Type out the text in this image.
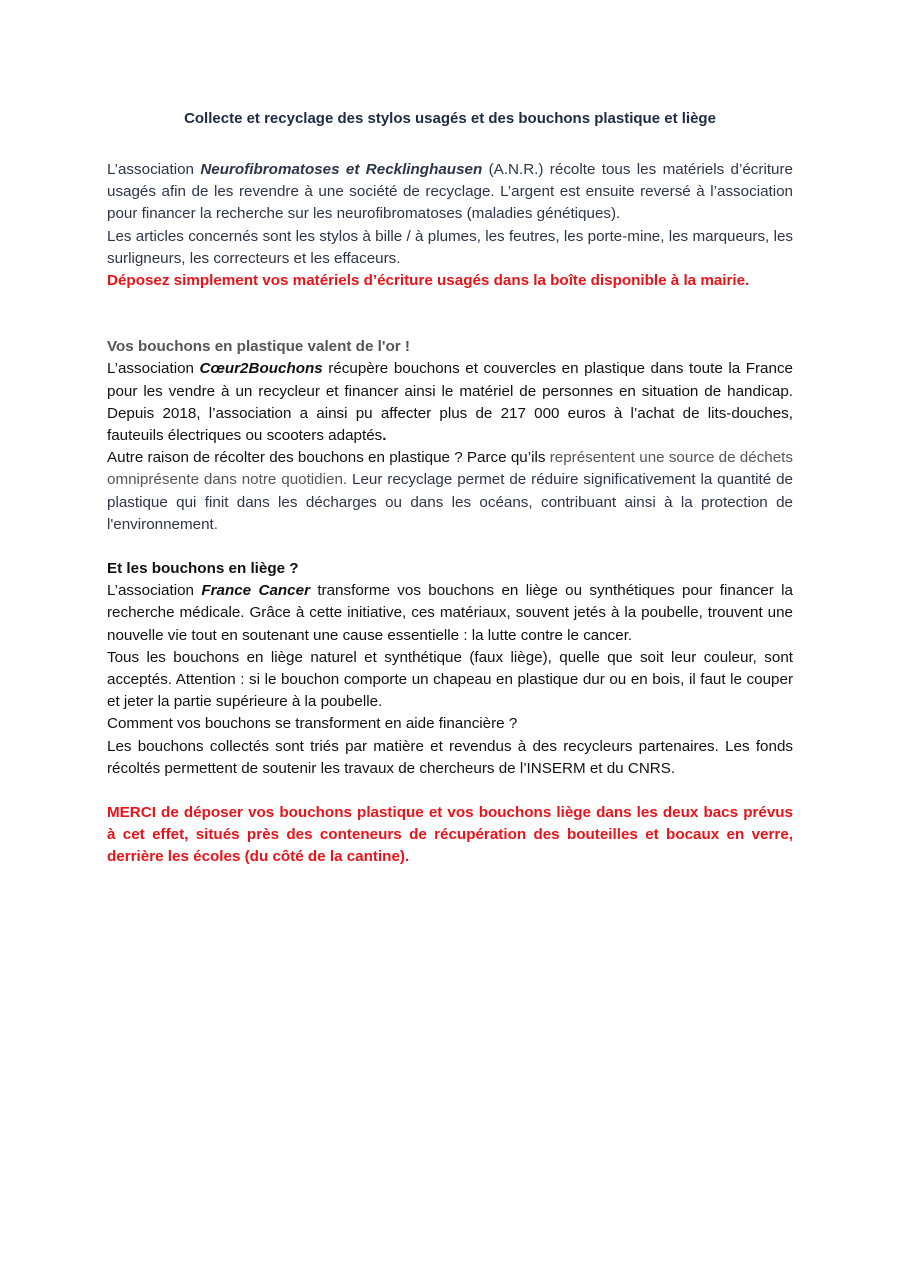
Collecte et recyclage des stylos usagés et des bouchons plastique et liège

L’association Neurofibromatoses et Recklinghausen (A.N.R.) récolte tous les matériels d’écriture usagés afin de les revendre à une société de recyclage. L’argent est ensuite reversé à l’association pour financer la recherche sur les neurofibromatoses (maladies génétiques).

Les articles concernés sont les stylos à bille / à plumes, les feutres, les porte-mine, les marqueurs, les surligneurs, les correcteurs et les effaceurs.

Déposez simplement vos matériels d’écriture usagés dans la boîte disponible à la mairie.

Vos bouchons en plastique valent de l'or !

L’association Cœur2Bouchons récupère bouchons et couvercles en plastique dans toute la France pour les vendre à un recycleur et financer ainsi le matériel de personnes en situation de handicap. Depuis 2018, l’association a ainsi pu affecter plus de 217 000 euros à l’achat de lits-douches, fauteuils électriques ou scooters adaptés.

Autre raison de récolter des bouchons en plastique ? Parce qu’ils représentent une source de déchets omniprésente dans notre quotidien. Leur recyclage permet de réduire significativement la quantité de plastique qui finit dans les décharges ou dans les océans, contribuant ainsi à la protection de l'environnement.

Et les bouchons en liège ?

L’association France Cancer transforme vos bouchons en liège ou synthétiques pour financer la recherche médicale. Grâce à cette initiative, ces matériaux, souvent jetés à la poubelle, trouvent une nouvelle vie tout en soutenant une cause essentielle : la lutte contre le cancer.

Tous les bouchons en liège naturel et synthétique (faux liège), quelle que soit leur couleur, sont acceptés. Attention : si le bouchon comporte un chapeau en plastique dur ou en bois, il faut le couper et jeter la partie supérieure à la poubelle.

Comment vos bouchons se transforment en aide financière ?

Les bouchons collectés sont triés par matière et revendus à des recycleurs partenaires. Les fonds récoltés permettent de soutenir les travaux de chercheurs de l’INSERM et du CNRS.

MERCI de déposer vos bouchons plastique et vos bouchons liège dans les deux bacs prévus à cet effet, situés près des conteneurs de récupération des bouteilles et bocaux en verre, derrière les écoles (du côté de la cantine).
